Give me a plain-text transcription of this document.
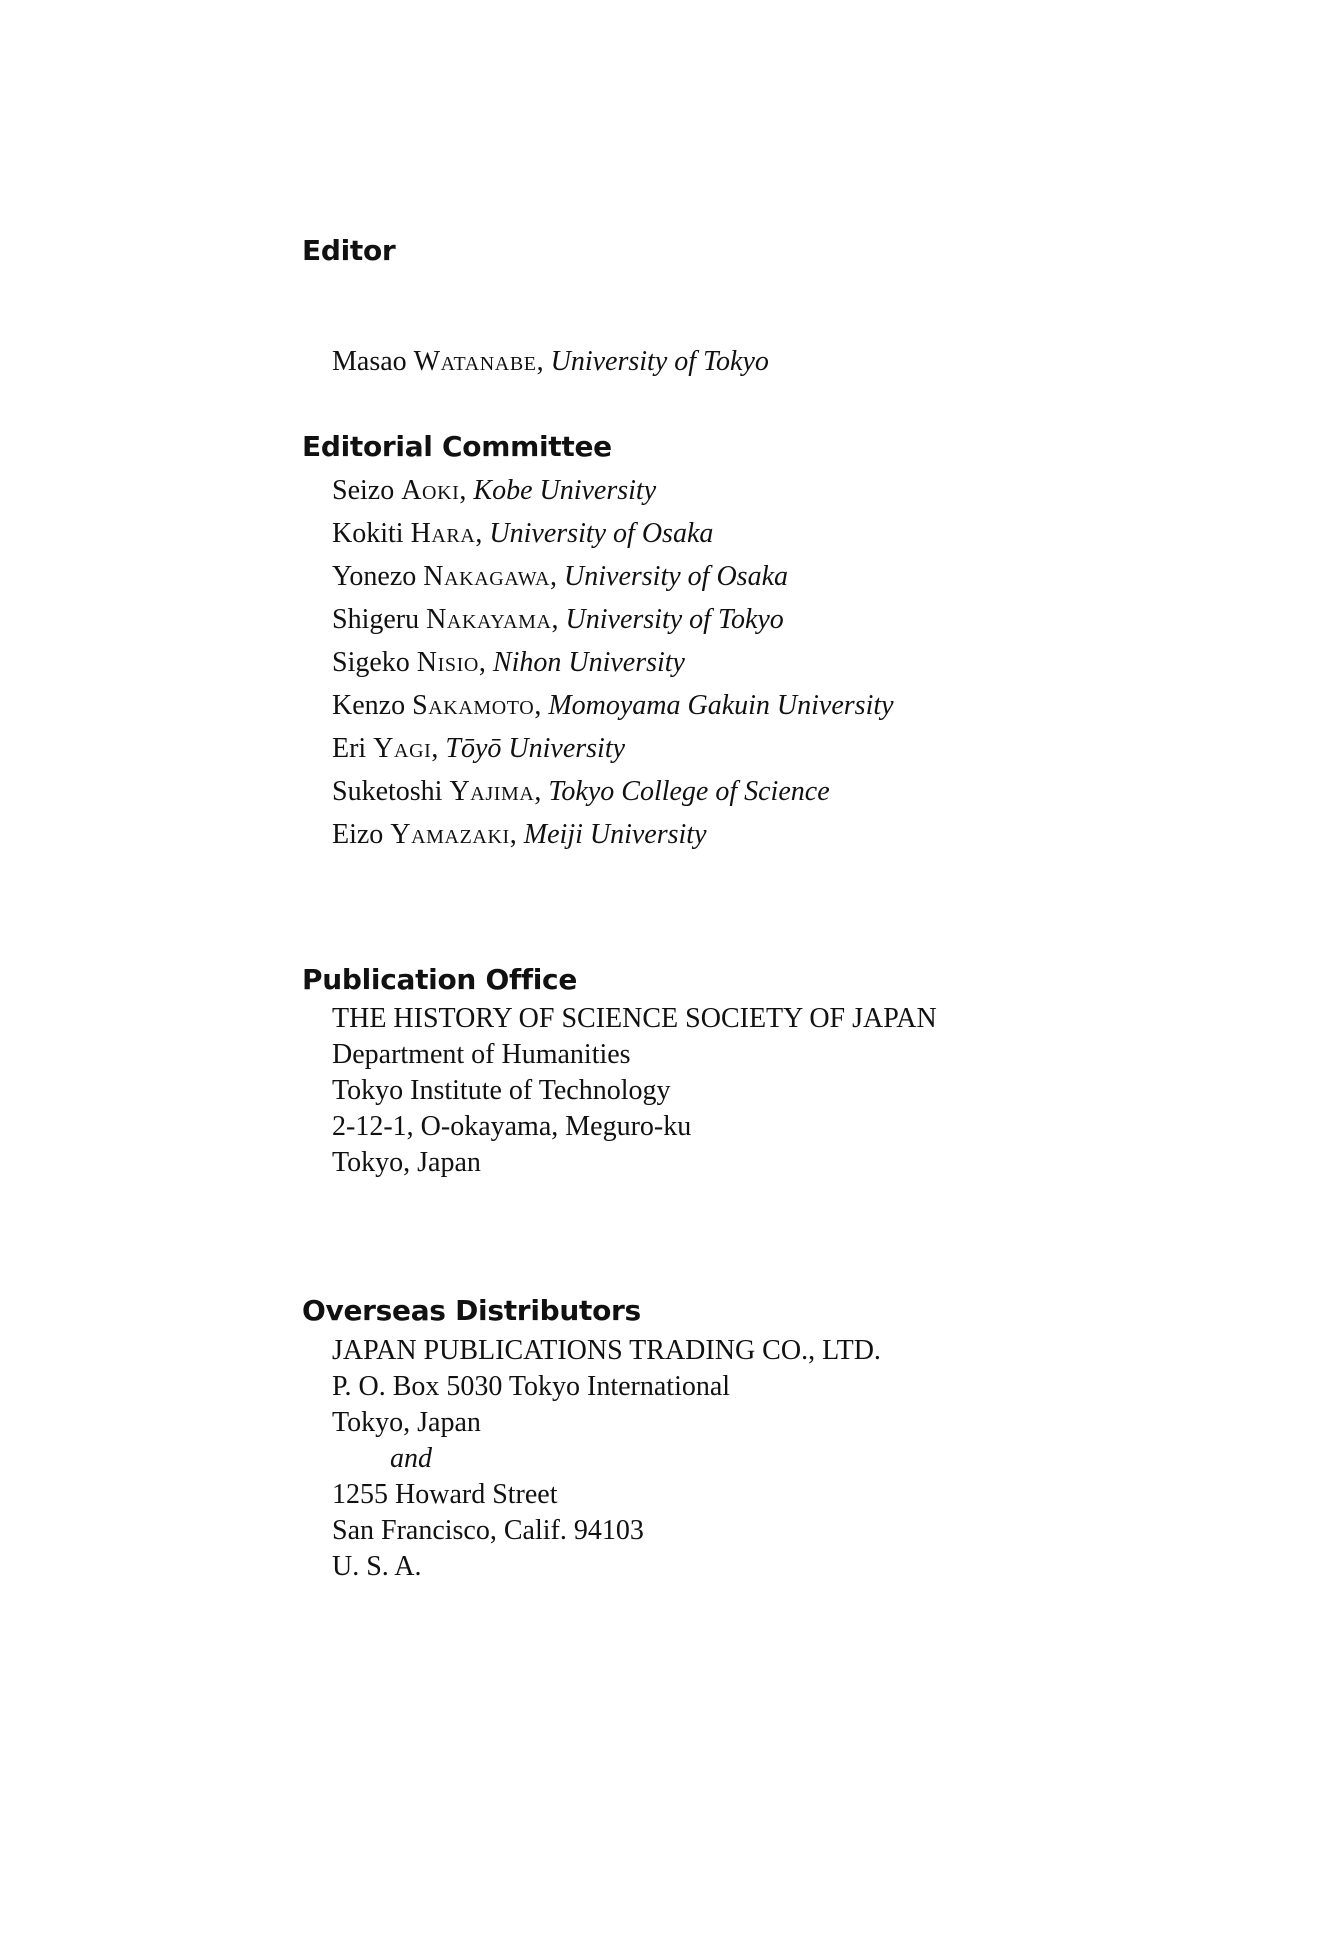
Editor
Masao Watanabe, University of Tokyo
Editorial Committee
Seizo Aoki, Kobe University
Kokiti Hara, University of Osaka
Yonezo Nakagawa, University of Osaka
Shigeru Nakayama, University of Tokyo
Sigeko Nisio, Nihon University
Kenzo Sakamoto, Momoyama Gakuin University
Eri Yagi, Tōyō University
Suketoshi Yajima, Tokyo College of Science
Eizo Yamazaki, Meiji University
Publication Office
THE HISTORY OF SCIENCE SOCIETY OF JAPAN
Department of Humanities
Tokyo Institute of Technology
2-12-1, O-okayama, Meguro-ku
Tokyo, Japan
Overseas Distributors
JAPAN PUBLICATIONS TRADING CO., LTD.
P. O. Box 5030 Tokyo International
Tokyo, Japan
and
1255 Howard Street
San Francisco, Calif. 94103
U. S. A.
